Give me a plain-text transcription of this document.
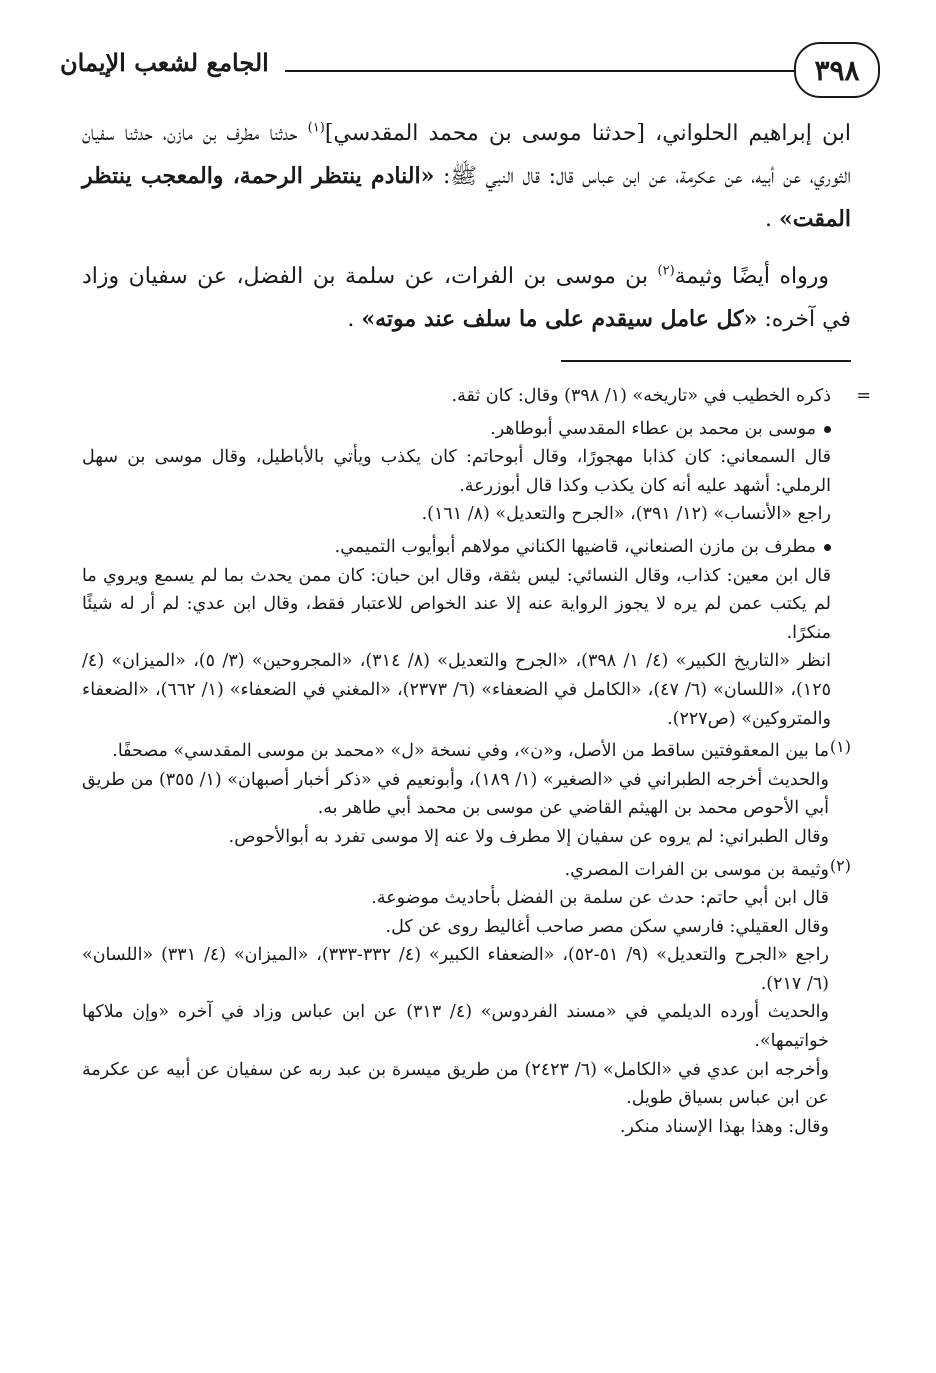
٣٩٨
الجامع لشعب الإيمان

ابن إبراهيم الحلواني، [حدثنا موسى بن محمد المقدسي]$^{(١)}$ حدثنا مطرف بن مازن، حدثنا سفيان الثوري، عن أبيه، عن عكرمة، عن ابن عباس قال: قال النبي ﷺ: «النادم ينتظر الرحمة، والمعجب ينتظر المقت» .

ورواه أيضًا وثيمة$^{(٢)}$ بن موسى بن الفرات، عن سلمة بن الفضل، عن سفيان وزاد في آخره: «كل عامل سيقدم على ما سلف عند موته» .

=ذكره الخطيب في «تاريخه» (١/ ٣٩٨) وقال: كان ثقة.

موسى بن محمد بن عطاء المقدسي أبوطاهر.

قال السمعاني: كان كذابا مهجورًا، وقال أبوحاتم: كان يكذب ويأتي بالأباطيل، وقال موسى بن سهل الرملي: أشهد عليه أنه كان يكذب وكذا قال أبوزرعة.

راجع «الأنساب» (١٢/ ٣٩١)، «الجرح والتعديل» (٨/ ١٦١).

مطرف بن مازن الصنعاني، قاضيها الكناني مولاهم أبوأيوب التميمي.

قال ابن معين: كذاب، وقال النسائي: ليس بثقة، وقال ابن حبان: كان ممن يحدث بما لم يسمع ويروي ما لم يكتب عمن لم يره لا يجوز الرواية عنه إلا عند الخواص للاعتبار فقط، وقال ابن عدي: لم أر له شيئًا منكرًا.

انظر «التاريخ الكبير» (٤/ ١/ ٣٩٨)، «الجرح والتعديل» (٨/ ٣١٤)، «المجروحين» (٣/ ٥)، «الميزان» (٤/ ١٢٥)، «اللسان» (٦/ ٤٧)، «الكامل في الضعفاء» (٦/ ٢٣٧٣)، «المغني في الضعفاء» (١/ ٦٦٢)، «الضعفاء والمتروكين» (ص٢٢٧).

(١)

ما بين المعقوفتين ساقط من الأصل، و«ن»، وفي نسخة «ل» «محمد بن موسى المقدسي» مصحفًا.

والحديث أخرجه الطبراني في «الصغير» (١/ ١٨٩)، وأبونعيم في «ذكر أخبار أصبهان» (١/ ٣٥٥) من طريق أبي الأحوص محمد بن الهيثم القاضي عن موسى بن محمد أبي طاهر به.

وقال الطبراني: لم يروه عن سفيان إلا مطرف ولا عنه إلا موسى تفرد به أبوالأحوص.

(٢)

وثيمة بن موسى بن الفرات المصري.

قال ابن أبي حاتم: حدث عن سلمة بن الفضل بأحاديث موضوعة.

وقال العقيلي: فارسي سكن مصر صاحب أغاليط روى عن كل.

راجع «الجرح والتعديل» (٩/ ٥١-٥٢)، «الضعفاء الكبير» (٤/ ٣٣٢-٣٣٣)، «الميزان» (٤/ ٣٣١) «اللسان» (٦/ ٢١٧).

والحديث أورده الديلمي في «مسند الفردوس» (٤/ ٣١٣) عن ابن عباس وزاد في آخره «وإن ملاكها خواتيمها».

وأخرجه ابن عدي في «الكامل» (٦/ ٢٤٢٣) من طريق ميسرة بن عبد ربه عن سفيان عن أبيه عن عكرمة عن ابن عباس بسياق طويل.

وقال: وهذا بهذا الإسناد منكر.
